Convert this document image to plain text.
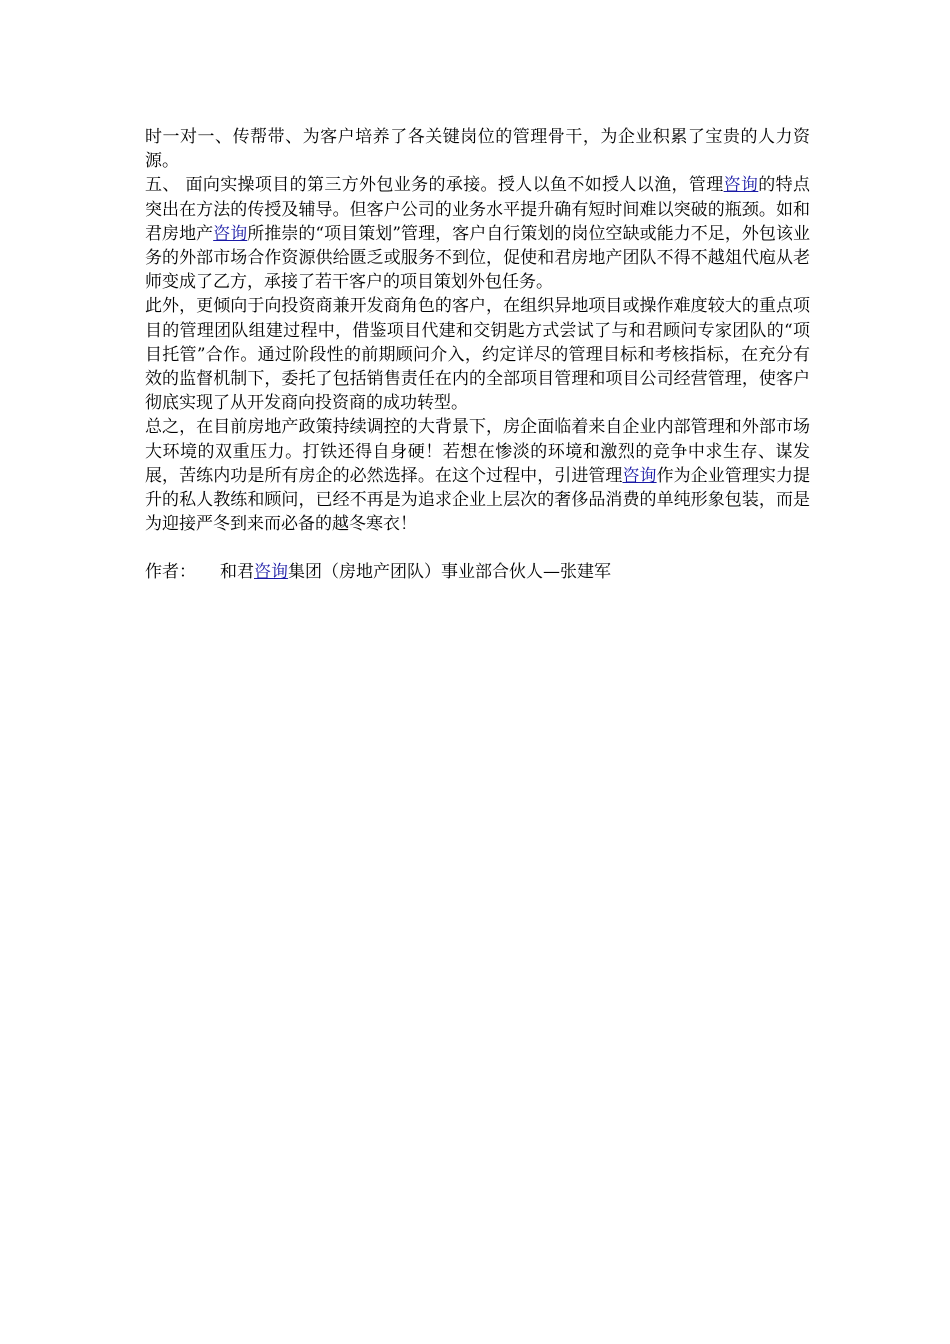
时一对一、传帮带、为客户培养了各关键岗位的管理骨干，为企业积累了宝贵的人力资源。

五、 面向实操项目的第三方外包业务的承接。授人以鱼不如授人以渔，管理咨询的特点突出在方法的传授及辅导。但客户公司的业务水平提升确有短时间难以突破的瓶颈。如和君房地产咨询所推崇的“项目策划”管理，客户自行策划的岗位空缺或能力不足，外包该业务的外部市场合作资源供给匮乏或服务不到位，促使和君房地产团队不得不越俎代庖从老师变成了乙方，承接了若干客户的项目策划外包任务。

此外，更倾向于向投资商兼开发商角色的客户，在组织异地项目或操作难度较大的重点项目的管理团队组建过程中，借鉴项目代建和交钥匙方式尝试了与和君顾问专家团队的“项目托管”合作。通过阶段性的前期顾问介入，约定详尽的管理目标和考核指标，在充分有效的监督机制下，委托了包括销售责任在内的全部项目管理和项目公司经营管理，使客户彻底实现了从开发商向投资商的成功转型。

总之，在目前房地产政策持续调控的大背景下，房企面临着来自企业内部管理和外部市场大环境的双重压力。打铁还得自身硬！若想在惨淡的环境和激烈的竞争中求生存、谋发展，苦练内功是所有房企的必然选择。在这个过程中，引进管理咨询作为企业管理实力提升的私人教练和顾问，已经不再是为追求企业上层次的奢侈品消费的单纯形象包装，而是为迎接严冬到来而必备的越冬寒衣！

作者： 和君咨询集团（房地产团队）事业部合伙人—张建军
